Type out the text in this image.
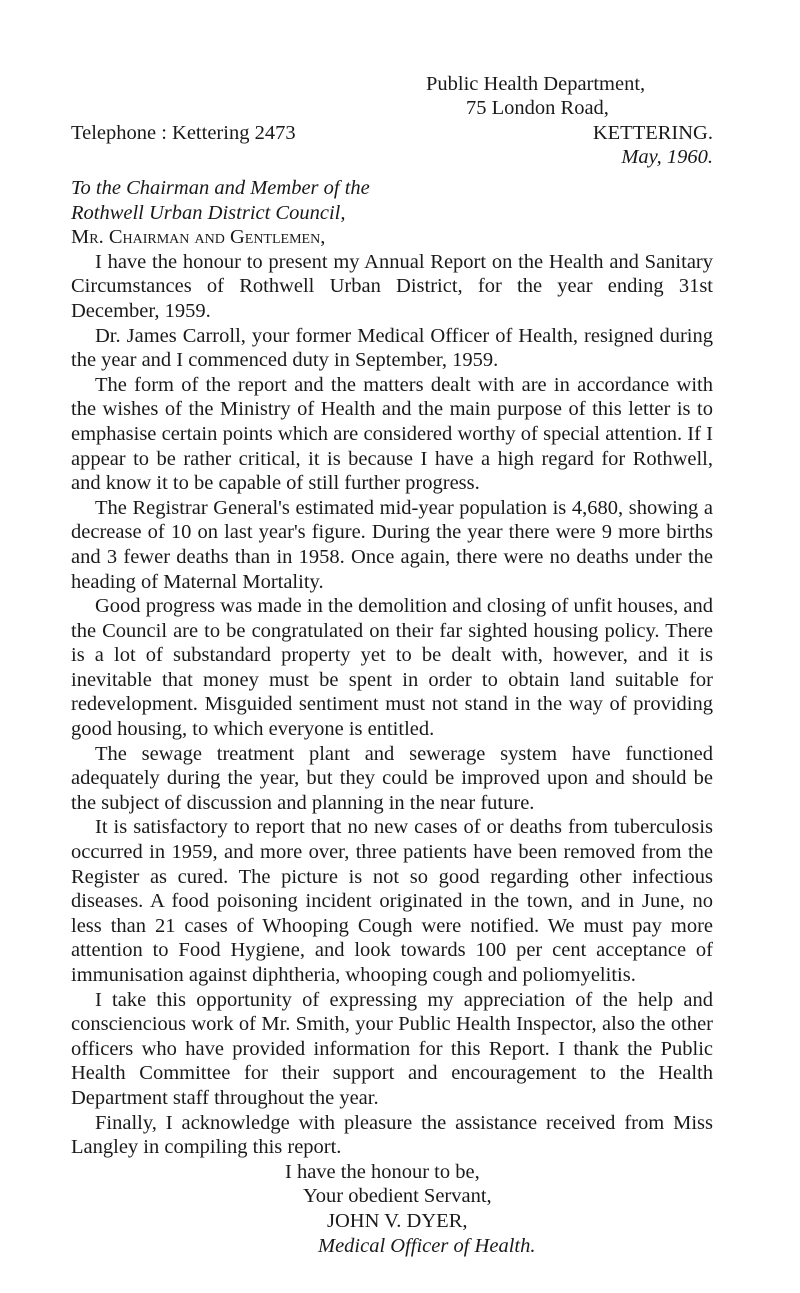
Public Health Department,
75 London Road,
Telephone : Kettering 2473	KETTERING.
May, 1960.
To the Chairman and Member of the
Rothwell Urban District Council,
Mr. Chairman and Gentlemen,

I have the honour to present my Annual Report on the Health and Sanitary Circumstances of Rothwell Urban District, for the year ending 31st December, 1959.

Dr. James Carroll, your former Medical Officer of Health, resigned during the year and I commenced duty in September, 1959.

The form of the report and the matters dealt with are in accordance with the wishes of the Ministry of Health and the main purpose of this letter is to emphasise certain points which are considered worthy of special attention. If I appear to be rather critical, it is because I have a high regard for Rothwell, and know it to be capable of still further progress.

The Registrar General's estimated mid-year population is 4,680, showing a decrease of 10 on last year's figure. During the year there were 9 more births and 3 fewer deaths than in 1958. Once again, there were no deaths under the heading of Maternal Mortality.

Good progress was made in the demolition and closing of unfit houses, and the Council are to be congratulated on their far sighted housing policy. There is a lot of substandard property yet to be dealt with, however, and it is inevitable that money must be spent in order to obtain land suitable for redevelopment. Misguided sentiment must not stand in the way of providing good housing, to which everyone is entitled.

The sewage treatment plant and sewerage system have functioned adequately during the year, but they could be improved upon and should be the subject of discussion and planning in the near future.

It is satisfactory to report that no new cases of or deaths from tuberculosis occurred in 1959, and more over, three patients have been removed from the Register as cured. The picture is not so good regarding other infectious diseases. A food poisoning incident originated in the town, and in June, no less than 21 cases of Whooping Cough were notified. We must pay more attention to Food Hygiene, and look towards 100 per cent acceptance of immunisation against diphtheria, whooping cough and poliomyelitis.

I take this opportunity of expressing my appreciation of the help and consciencious work of Mr. Smith, your Public Health Inspector, also the other officers who have provided information for this Report. I thank the Public Health Committee for their support and encouragement to the Health Department staff throughout the year.

Finally, I acknowledge with pleasure the assistance received from Miss Langley in compiling this report.

I have the honour to be,
Your obedient Servant,
JOHN V. DYER,
Medical Officer of Health.
